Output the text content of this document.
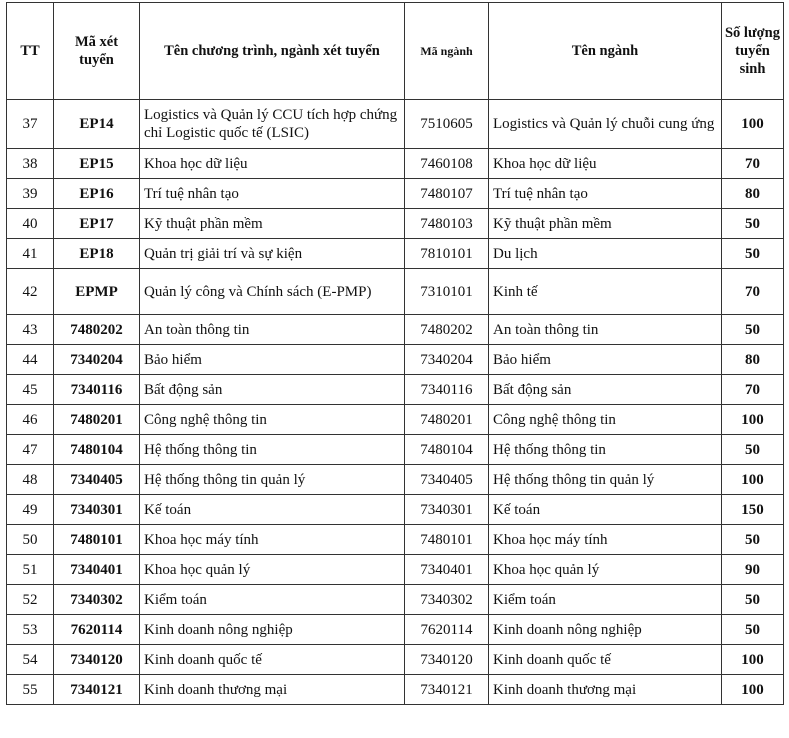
TT	Mã xét tuyển	Tên chương trình, ngành xét tuyển	Mã ngành	Tên ngành	Số lượng tuyển sinh
37	EP14	Logistics và Quản lý CCU tích hợp chứng chỉ Logistic quốc tế (LSIC)	7510605	Logistics và Quản lý chuỗi cung ứng	100
38	EP15	Khoa học dữ liệu	7460108	Khoa học dữ liệu	70
39	EP16	Trí tuệ nhân tạo	7480107	Trí tuệ nhân tạo	80
40	EP17	Kỹ thuật phần mềm	7480103	Kỹ thuật phần mềm	50
41	EP18	Quản trị giải trí và sự kiện	7810101	Du lịch	50
42	EPMP	Quản lý công và Chính sách (E-PMP)	7310101	Kinh tế	70
43	7480202	An toàn thông tin	7480202	An toàn thông tin	50
44	7340204	Bảo hiểm	7340204	Bảo hiểm	80
45	7340116	Bất động sản	7340116	Bất động sản	70
46	7480201	Công nghệ thông tin	7480201	Công nghệ thông tin	100
47	7480104	Hệ thống thông tin	7480104	Hệ thống thông tin	50
48	7340405	Hệ thống thông tin quản lý	7340405	Hệ thống thông tin quản lý	100
49	7340301	Kế toán	7340301	Kế toán	150
50	7480101	Khoa học máy tính	7480101	Khoa học máy tính	50
51	7340401	Khoa học quản lý	7340401	Khoa học quản lý	90
52	7340302	Kiểm toán	7340302	Kiểm toán	50
53	7620114	Kinh doanh nông nghiệp	7620114	Kinh doanh nông nghiệp	50
54	7340120	Kinh doanh quốc tế	7340120	Kinh doanh quốc tế	100
55	7340121	Kinh doanh thương mại	7340121	Kinh doanh thương mại	100
